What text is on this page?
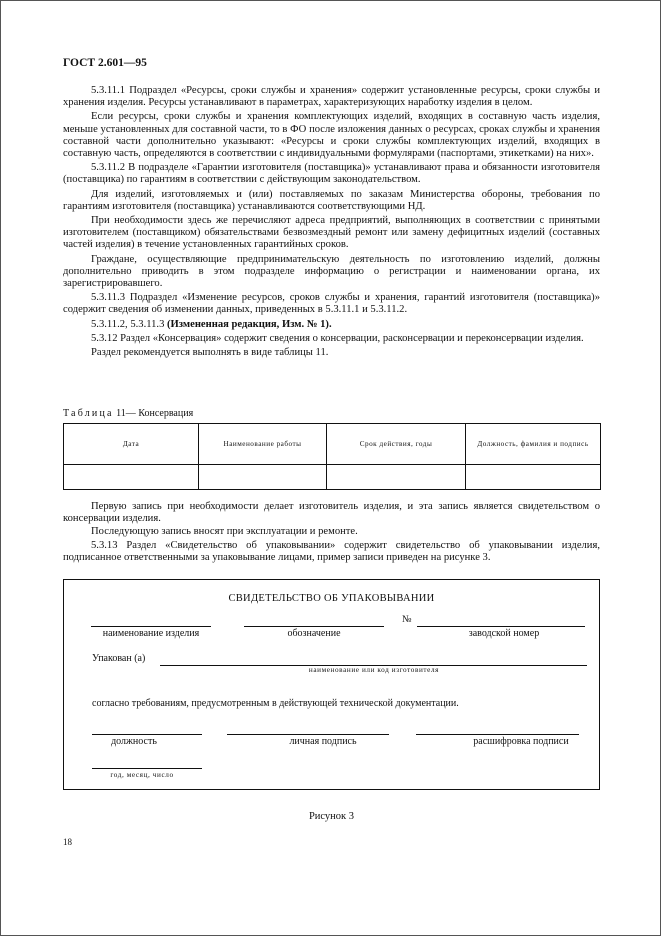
ГОСТ 2.601—95

5.3.11.1 Подраздел «Ресурсы, сроки службы и хранения» содержит установленные ресурсы, сроки службы и хранения изделия. Ресурсы устанавливают в параметрах, характеризующих наработку изделия в целом.

Если ресурсы, сроки службы и хранения комплектующих изделий, входящих в составную часть изделия, меньше установленных для составной части, то в ФО после изложения данных о ресурсах, сроках службы и хранения составной части дополнительно указывают: «Ресурсы и сроки службы комплектующих изделий, входящих в составную часть, определяются в соответствии с индивидуальными формулярами (паспортами, этикетками) на них».

5.3.11.2 В подразделе «Гарантии изготовителя (поставщика)» устанавливают права и обязанности изготовителя (поставщика) по гарантиям в соответствии с действующим законодательством.

Для изделий, изготовляемых и (или) поставляемых по заказам Министерства обороны, требования по гарантиям изготовителя (поставщика) устанавливаются соответствующими НД.

При необходимости здесь же перечисляют адреса предприятий, выполняющих в соответствии с принятыми изготовителем (поставщиком) обязательствами безвозмездный ремонт или замену дефицитных изделий (составных частей изделия) в течение установленных гарантийных сроков.

Граждане, осуществляющие предпринимательскую деятельность по изготовлению изделий, должны дополнительно приводить в этом подразделе информацию о регистрации и наименовании органа, их зарегистрировавшего.

5.3.11.3 Подраздел «Изменение ресурсов, сроков службы и хранения, гарантий изготовителя (поставщика)» содержит сведения об изменении данных, приведенных в 5.3.11.1 и 5.3.11.2.

5.3.11.2, 5.3.11.3 (Измененная редакция, Изм. № 1).

5.3.12 Раздел «Консервация» содержит сведения о консервации, расконсервации и переконсервации изделия.

Раздел рекомендуется выполнять в виде таблицы 11.

Таблица 11— Консервация
Дата	Наименование работы	Срок действия, годы	Должность, фамилия и подпись

Первую запись при необходимости делает изготовитель изделия, и эта запись является свидетельством о консервации изделия.

Последующую запись вносят при эксплуатации и ремонте.

5.3.13 Раздел «Свидетельство об упаковывании» содержит свидетельство об упаковывании изделия, подписанное ответственными за упаковывание лицами, пример записи приведен на рисунке 3.

СВИДЕТЕЛЬСТВО ОБ УПАКОВЫВАНИИ
наименование изделия	обозначение
№
заводской номер
Упакован (а)
наименование или код изготовителя
согласно требованиям, предусмотренным в действующей технической документации.
должность	личная подпись	расшифровка подписи
год, месяц, число
Рисунок 3
18
